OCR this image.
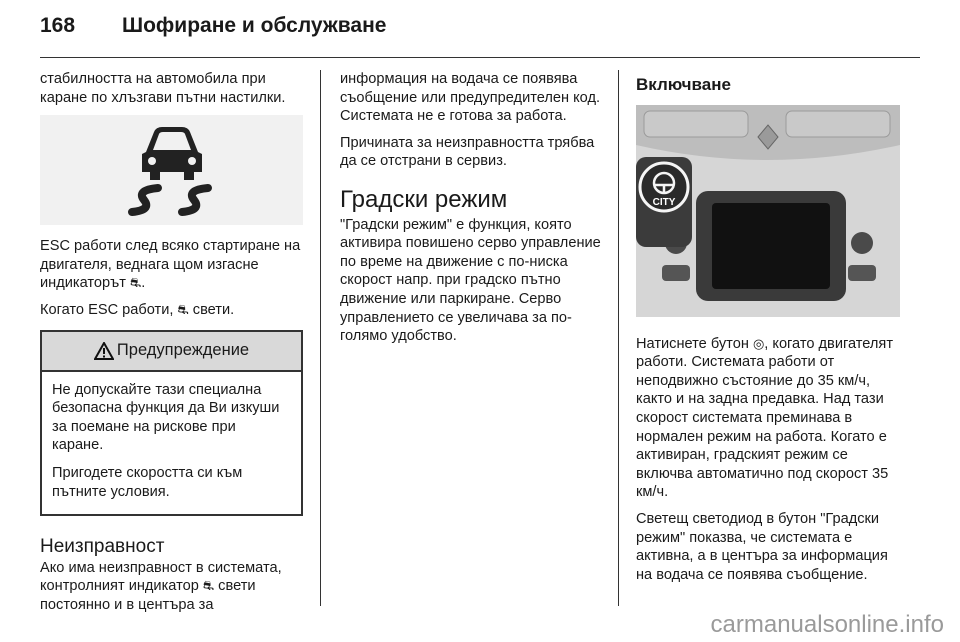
168 Шофиране и обслужване

стабилността на автомобила при каране по хлъзгави пътни настилки.

ESC работи след всяко стартиране на двигателя, веднага щом изгасне индикаторът ⛐.

Когато ESC работи, ⛐ свети.

Предупреждение

Не допускайте тази специална безопасна функция да Ви изкуши за поемане на рискове при каране.

Пригодете скоростта си към пътните условия.

Неизправност

Ако има неизправност в системата, контролният индикатор ⛐ свети постоянно и в центъра за

информация на водача се появява съобщение или предупредителен код. Системата не е готова за работа.

Причината за неизправността трябва да се отстрани в сервиз.

Градски режим

"Градски режим" е функция, която активира повишено серво управление по време на движение с по-ниска скорост напр. при градско пътно движение или паркиране. Серво управлението се увеличава за по-голямо удобство.

Включване
CITY

Натиснете бутон ◎, когато двигателят работи. Системата работи от неподвижно състояние до 35 км/ч, както и на задна предавка. Над тази скорост системата преминава в нормален режим на работа. Когато е активиран, градският режим се включва автоматично под скорост 35 км/ч.

Светещ светодиод в бутон "Градски режим" показва, че системата е активна, а в центъра за информация на водача се появява съобщение.

carmanualsonline.info
